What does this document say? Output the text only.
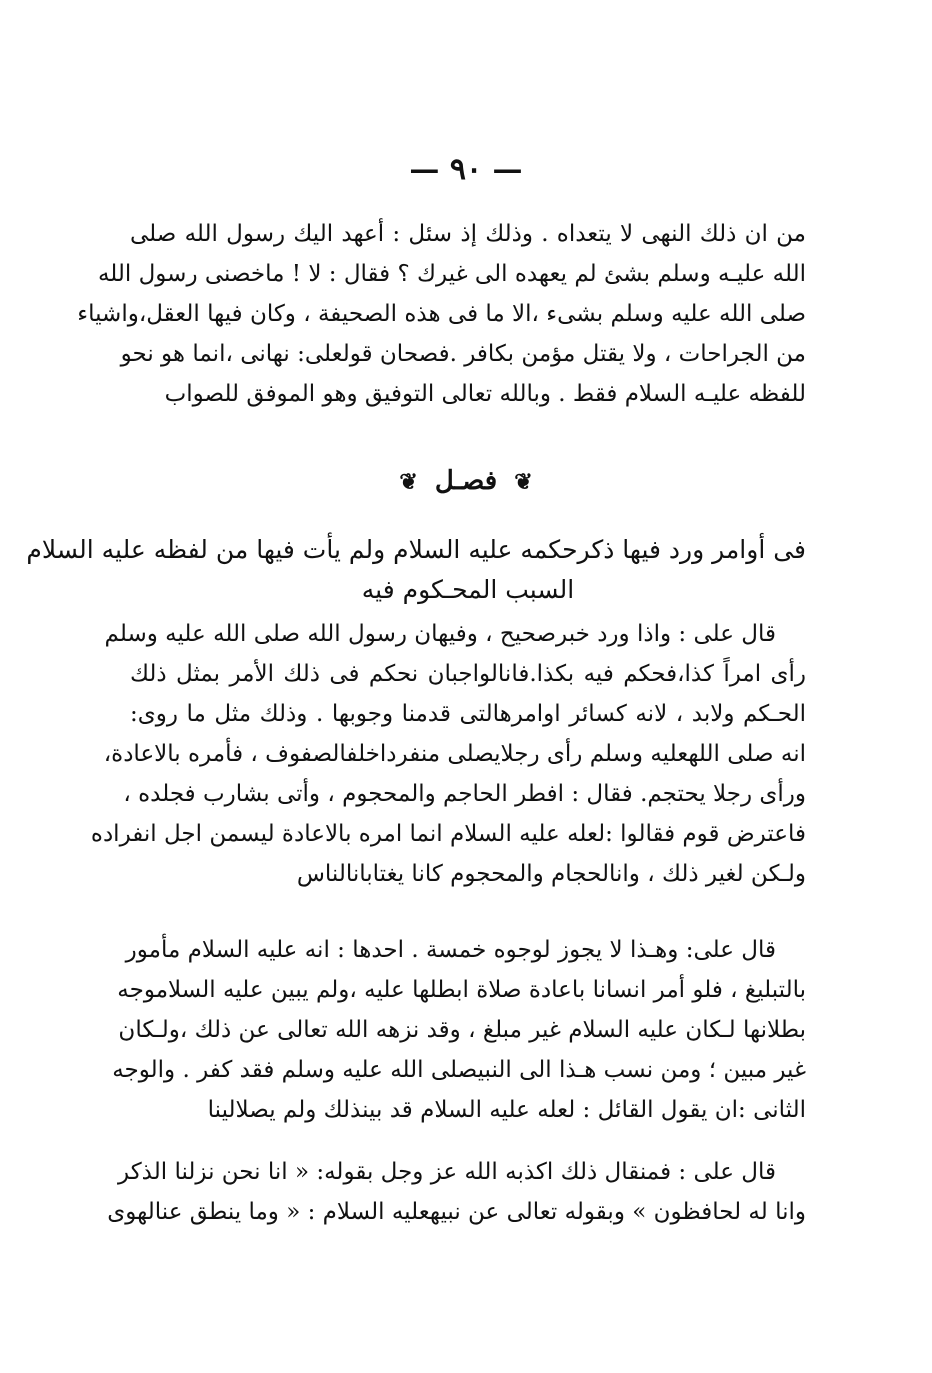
— ٩٠ —
من ان ذلك النهى لا يتعداه . وذلك إذ سئل : أعهد اليك رسول الله صلى
الله عليـه وسلم بشئ لم يعهده الى غيرك ؟ فقال : لا ! ماخصنى رسول الله
صلى الله عليه وسلم بشىء ،الا ما فى هذه الصحيفة ، وكان فيها العقل،واشياء
من الجراحات ، ولا يقتل مؤمن بكافر .فصحان قولعلى: نهانى ،انما هو نحو
للفظه عليـه السلام فقط . وبالله تعالى التوفيق وهو الموفق للصواب
❦ فصـل ❦
فى أوامر ورد فيها ذكرحكمه عليه السلام ولم يأت فيها من لفظه عليه السلام
السبب المحـكوم فيه
قال على : واذا ورد خبرصحيح ، وفيهان رسول الله صلى الله عليه وسلم
رأى امراً كذا،فحكم فيه بكذا.فانالواجبان نحكم فى ذلك الأمر بمثل ذلك
الحـكم ولابد ، لانه كسائر اوامرهالتى قدمنا وجوبها . وذلك مثل ما روى:
انه صلى اللهعليه وسلم رأى رجلايصلى منفرداخلفالصفوف ، فأمره بالاعادة،
ورأى رجلا يحتجم. فقال : افطر الحاجم والمحجوم ، وأتى بشارب فجلده ،
فاعترض قوم فقالوا :لعله عليه السلام انما امره بالاعادة ليسمن اجل انفراده
ولـكن لغير ذلك ، وانالحجام والمحجوم كانا يغتابانالناس
قال على: وهـذا لا يجوز لوجوه خمسة . احدها : انه عليه السلام مأمور
بالتبليغ ، فلو أمر انسانا باعادة صلاة ابطلها عليه ،ولم يبين عليه السلاموجه
بطلانها لـكان عليه السلام غير مبلغ ، وقد نزهه الله تعالى عن ذلك ،ولـكان
غير مبين ؛ ومن نسب هـذا الى النبيصلى الله عليه وسلم فقد كفر . والوجه
الثانى :ان يقول القائل : لعله عليه السلام قد بينذلك ولم يصلالينا
قال على : فمنقال ذلك اكذبه الله عز وجل بقوله: « انا نحن نزلنا الذكر
وانا له لحافظون » وبقوله تعالى عن نبيهعليه السلام : « وما ينطق عنالهوى
